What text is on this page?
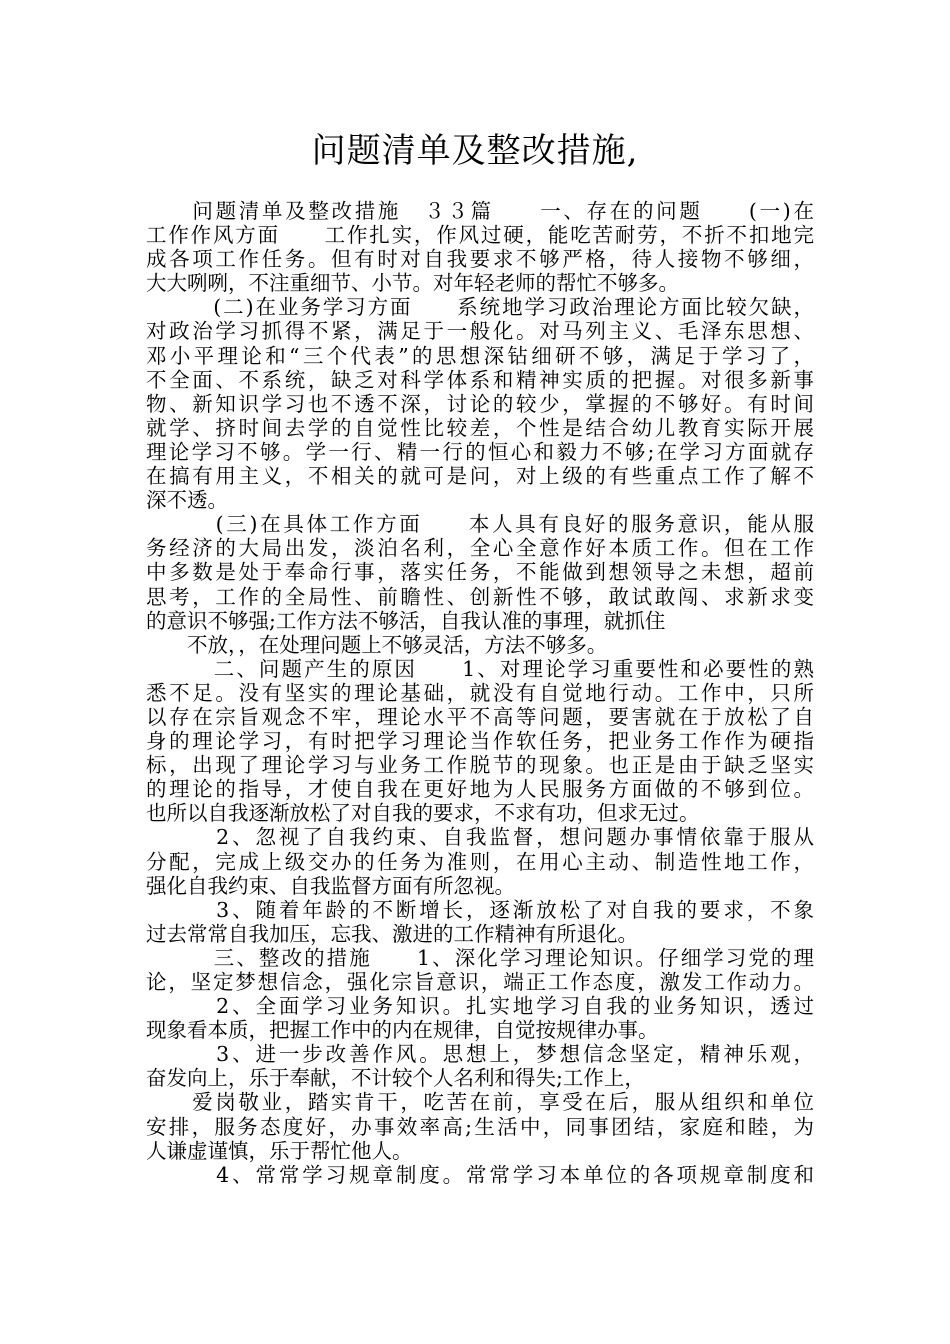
问题清单及整改措施,
　　问题清单及整改措施　３３篇　　一、存在的问题　　(一)在
工作作风方面　　工作扎实，作风过硬，能吃苦耐劳，不折不扣地完
成各项工作任务。但有时对自我要求不够严格，待人接物不够细，
大大咧咧，不注重细节、小节。对年轻老师的帮忙不够多。
　　　(二)在业务学习方面　　系统地学习政治理论方面比较欠缺，
对政治学习抓得不紧，满足于一般化。对马列主义、毛泽东思想、
邓小平理论和“三个代表”的思想深钻细研不够，满足于学习了，
不全面、不系统，缺乏对科学体系和精神实质的把握。对很多新事
物、新知识学习也不透不深，讨论的较少，掌握的不够好。有时间
就学、挤时间去学的自觉性比较差，个性是结合幼儿教育实际开展
理论学习不够。学一行、精一行的恒心和毅力不够;在学习方面就存
在搞有用主义，不相关的就可是问，对上级的有些重点工作了解不
深不透。
　　　(三)在具体工作方面　　本人具有良好的服务意识，能从服
务经济的大局出发，淡泊名利，全心全意作好本质工作。但在工作
中多数是处于奉命行事，落实任务，不能做到想领导之未想，超前
思考，工作的全局性、前瞻性、创新性不够，敢试敢闯、求新求变
的意识不够强;工作方法不够活，自我认准的事理，就抓住
　　不放，，在处理问题上不够灵活，方法不够多。
　　　二、问题产生的原因　　1、对理论学习重要性和必要性的熟
悉不足。没有坚实的理论基础，就没有自觉地行动。工作中，只所
以存在宗旨观念不牢，理论水平不高等问题，要害就在于放松了自
身的理论学习，有时把学习理论当作软任务，把业务工作作为硬指
标，出现了理论学习与业务工作脱节的现象。也正是由于缺乏坚实
的理论的指导，才使自我在更好地为人民服务方面做的不够到位。
也所以自我逐渐放松了对自我的要求，不求有功，但求无过。
　　　2、忽视了自我约束、自我监督，想问题办事情依靠于服从
分配，完成上级交办的任务为准则，在用心主动、制造性地工作，
强化自我约束、自我监督方面有所忽视。
　　　3、随着年龄的不断增长，逐渐放松了对自我的要求，不象
过去常常自我加压，忘我、激进的工作精神有所退化。
　　　三、整改的措施　　1、深化学习理论知识。仔细学习党的理
论，坚定梦想信念，强化宗旨意识，端正工作态度，激发工作动力。
　　　2、全面学习业务知识。扎实地学习自我的业务知识，透过
现象看本质，把握工作中的内在规律，自觉按规律办事。
　　　3、进一步改善作风。思想上，梦想信念坚定，精神乐观，
奋发向上，乐于奉献，不计较个人名利和得失;工作上，
　　爱岗敬业，踏实肯干，吃苦在前，享受在后，服从组织和单位
安排，服务态度好，办事效率高;生活中，同事团结，家庭和睦，为
人谦虚谨慎，乐于帮忙他人。
　　　4、常常学习规章制度。常常学习本单位的各项规章制度和
